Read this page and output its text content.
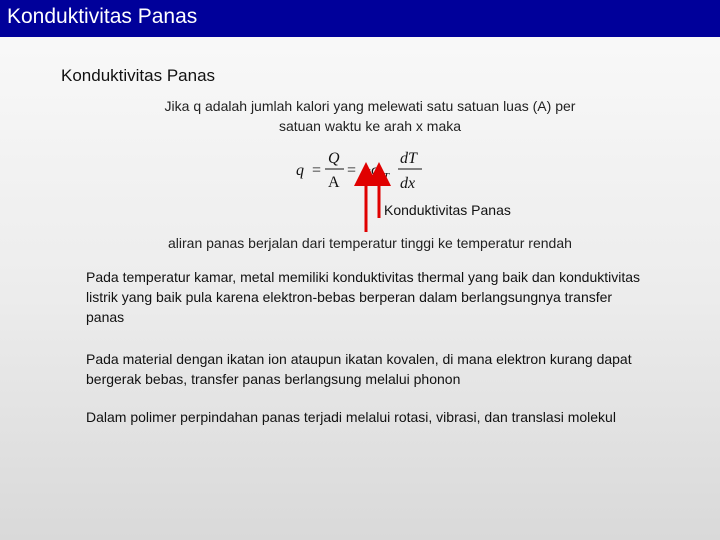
Konduktivitas Panas
Konduktivitas Panas
Jika q adalah jumlah kalori yang melewati satu satuan luas (A) per
satuan waktu ke arah x maka
q =
Q
A
= −σ T
dT
dx
Konduktivitas Panas
aliran panas berjalan dari temperatur tinggi ke temperatur rendah
Pada temperatur kamar, metal memiliki konduktivitas thermal yang baik dan konduktivitas listrik yang baik pula karena elektron-bebas berperan dalam berlangsungnya transfer panas
Pada material dengan ikatan ion ataupun ikatan kovalen, di mana elektron kurang dapat bergerak bebas, transfer panas berlangsung melalui phonon
Dalam polimer perpindahan panas terjadi melalui rotasi, vibrasi, dan translasi molekul
